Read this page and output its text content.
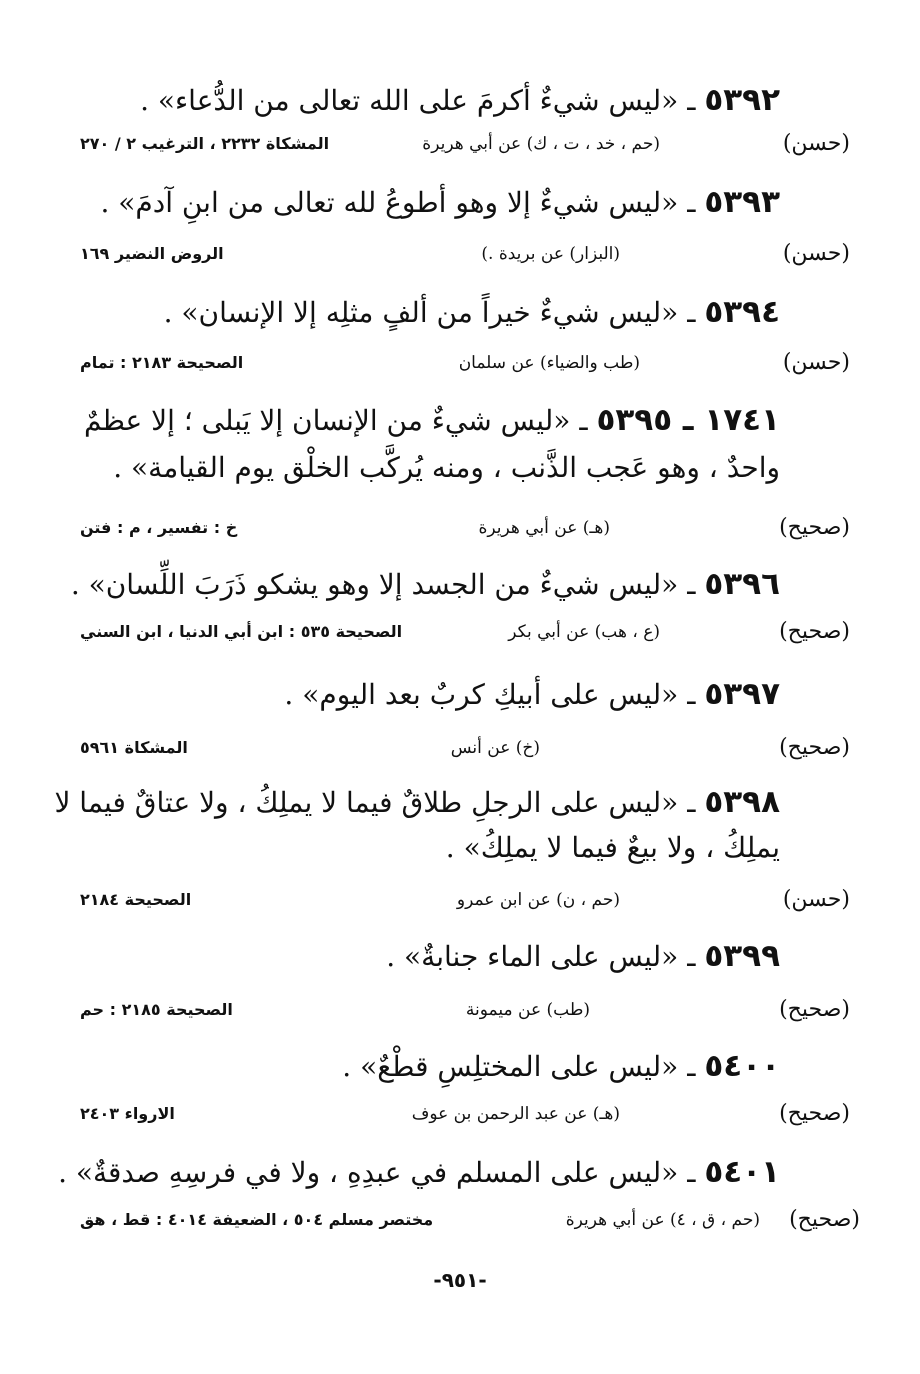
٥٣٩٢ ـ «ليس شيءٌ أكرمَ على الله تعالى من الدُّعاء» .
( حسن )
(حم ، خد ، ت ، ك) عن أبي هريرة
المشكاة ٢٢٣٢ ، الترغيب ٢ / ٢٧٠
٥٣٩٣ ـ «ليس شيءٌ إلا وهو أطوعُ لله تعالى من ابنِ آدمَ» .
( حسن )
(البزار) عن بريدة .)
الروض النضير ١٦٩
٥٣٩٤ ـ «ليس شيءٌ خيراً من ألفٍ مثلِه إلا الإنسان» .
( حسن )
(طب والضياء) عن سلمان
الصحيحة ٢١٨٣ : تمام
١٧٤١ ـ ٥٣٩٥ ـ «ليس شيءٌ من الإنسان إلا يَبلى ؛ إلا عظمٌ
واحدٌ ، وهو عَجب الذَّنب ، ومنه يُركَّب الخلْق يوم القيامة» .
( صحيح )
(هـ) عن أبي هريرة
خ : تفسير ، م : فتن
٥٣٩٦ ـ «ليس شيءٌ من الجسد إلا وهو يشكو ذَرَبَ اللِّسان» .
( صحيح )
(ع ، هب) عن أبي بكر
الصحيحة ٥٣٥ : ابن أبي الدنيا ، ابن السني
٥٣٩٧ ـ «ليس على أبيكِ كربٌ بعد اليوم» .
( صحيح )
(خ) عن أنس
المشكاة ٥٩٦١
٥٣٩٨ ـ «ليس على الرجلِ طلاقٌ فيما لا يملِكُ ، ولا عتاقٌ فيما لا
يملِكُ ، ولا بيعٌ فيما لا يملِكُ» .
( حسن )
(حم ، ن) عن ابن عمرو
الصحيحة ٢١٨٤
٥٣٩٩ ـ «ليس على الماء جنابةٌ» .
( صحيح )
(طب) عن ميمونة
الصحيحة ٢١٨٥ : حم
٥٤٠٠ ـ «ليس على المختلِسِ قطْعٌ» .
( صحيح )
(هـ) عن عبد الرحمن بن عوف
الارواء ٢٤٠٣
٥٤٠١ ـ «ليس على المسلم في عبدِهِ ، ولا في فرسِهِ صدقةٌ» .
( صحيح )
(حم ، ق ، ٤) عن أبي هريرة
مختصر مسلم ٥٠٤ ، الضعيفة ٤٠١٤ : قط ، هق
-٩٥١-
